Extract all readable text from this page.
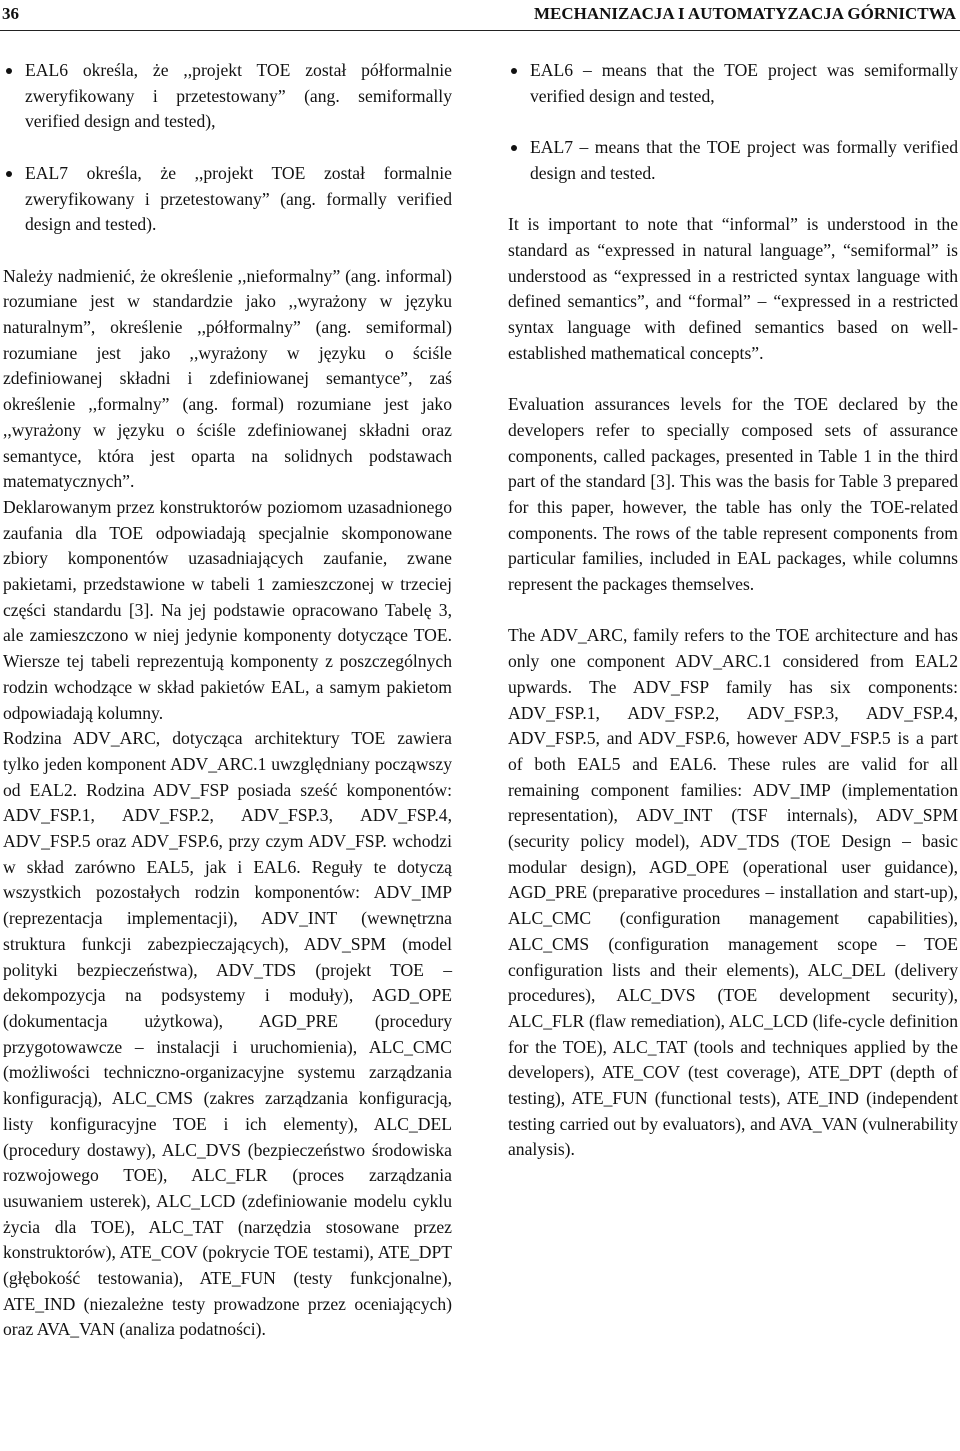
36	MECHANIZACJA I AUTOMATYZACJA GÓRNICTWA
EAL6 określa, że ,,projekt TOE został półformalnie zweryfikowany i przetestowany” (ang. semiformally verified design and tested),
EAL7 określa, że ,,projekt TOE został formalnie zweryfikowany i przetestowany” (ang. formally verified design and tested).

Należy nadmienić, że określenie ,,nieformalny” (ang. informal) rozumiane jest w standardzie jako ,,wyrażony w języku naturalnym”, określenie ,,półformalny” (ang. semiformal) rozumiane jest jako ,,wyrażony w języku o ściśle zdefiniowanej składni i zdefiniowanej semantyce”, zaś określenie ,,formalny” (ang. formal) rozumiane jest jako ,,wyrażony w języku o ściśle zdefiniowanej składni oraz semantyce, która jest oparta na solidnych podstawach matematycznych”.

Deklarowanym przez konstruktorów poziomom uzasadnionego zaufania dla TOE odpowiadają specjalnie skomponowane zbiory komponentów uzasadniających zaufanie, zwane pakietami, przedstawione w tabeli 1 zamieszczonej w trzeciej części standardu [3]. Na jej podstawie opracowano Tabelę 3, ale zamieszczono w niej jedynie komponenty dotyczące TOE. Wiersze tej tabeli reprezentują komponenty z poszczególnych rodzin wchodzące w skład pakietów EAL, a samym pakietom odpowiadają kolumny.

Rodzina ADV_ARC, dotycząca architektury TOE zawiera tylko jeden komponent ADV_ARC.1 uwzględniany począwszy od EAL2. Rodzina ADV_FSP posiada sześć komponentów: ADV_FSP.1, ADV_FSP.2, ADV_FSP.3, ADV_FSP.4, ADV_FSP.5 oraz ADV_FSP.6, przy czym ADV_FSP. wchodzi w skład zarówno EAL5, jak i EAL6. Reguły te dotyczą wszystkich pozostałych rodzin komponentów: ADV_IMP (reprezentacja implementacji), ADV_INT (wewnętrzna struktura funkcji zabezpieczających), ADV_SPM (model polityki bezpieczeństwa), ADV_TDS (projekt TOE – dekompozycja na podsystemy i moduły), AGD_OPE (dokumentacja użytkowa), AGD_PRE (procedury przygotowawcze – instalacji i uruchomienia), ALC_CMC (możliwości techniczno-organizacyjne systemu zarządzania konfiguracją), ALC_CMS (zakres zarządzania konfiguracją, listy konfiguracyjne TOE i ich elementy), ALC_DEL (procedury dostawy), ALC_DVS (bezpieczeństwo środowiska rozwojowego TOE), ALC_FLR (proces zarządzania usuwaniem usterek), ALC_LCD (zdefiniowanie modelu cyklu życia dla TOE), ALC_TAT (narzędzia stosowane przez konstruktorów), ATE_COV (pokrycie TOE testami), ATE_DPT (głębokość testowania), ATE_FUN (testy funkcjonalne), ATE_IND (niezależne testy prowadzone przez oceniających) oraz AVA_VAN (analiza podatności).

EAL6 – means that the TOE project was semiformally verified design and tested,
EAL7 – means that the TOE project was formally verified design and tested.

It is important to note that “informal” is understood in the standard as “expressed in natural language”, “semiformal” is understood as “expressed in a restricted syntax language with defined semantics”, and “formal” – “expressed in a restricted syntax language with defined semantics based on well-established mathematical concepts”.

Evaluation assurances levels for the TOE declared by the developers refer to specially composed sets of assurance components, called packages, presented in Table 1 in the third part of the standard [3]. This was the basis for Table 3 prepared for this paper, however, the table has only the TOE-related components. The rows of the table represent components from particular families, included in EAL packages, while columns represent the packages themselves.

The ADV_ARC, family refers to the TOE architecture and has only one component ADV_ARC.1 considered from EAL2 upwards. The ADV_FSP family has six components: ADV_FSP.1, ADV_FSP.2, ADV_FSP.3, ADV_FSP.4, ADV_FSP.5, and ADV_FSP.6, however ADV_FSP.5 is a part of both EAL5 and EAL6. These rules are valid for all remaining component families: ADV_IMP (implementation representation), ADV_INT (TSF internals), ADV_SPM (security policy model), ADV_TDS (TOE Design – basic modular design), AGD_OPE (operational user guidance), AGD_PRE (preparative procedures – installation and start-up), ALC_CMC (configuration management capabilities), ALC_CMS (configuration management scope – TOE configuration lists and their elements), ALC_DEL (delivery procedures), ALC_DVS (TOE development security), ALC_FLR (flaw remediation), ALC_LCD (life-cycle definition for the TOE), ALC_TAT (tools and techniques applied by the developers), ATE_COV (test coverage), ATE_DPT (depth of testing), ATE_FUN (functional tests), ATE_IND (independent testing carried out by evaluators), and AVA_VAN (vulnerability analysis).
